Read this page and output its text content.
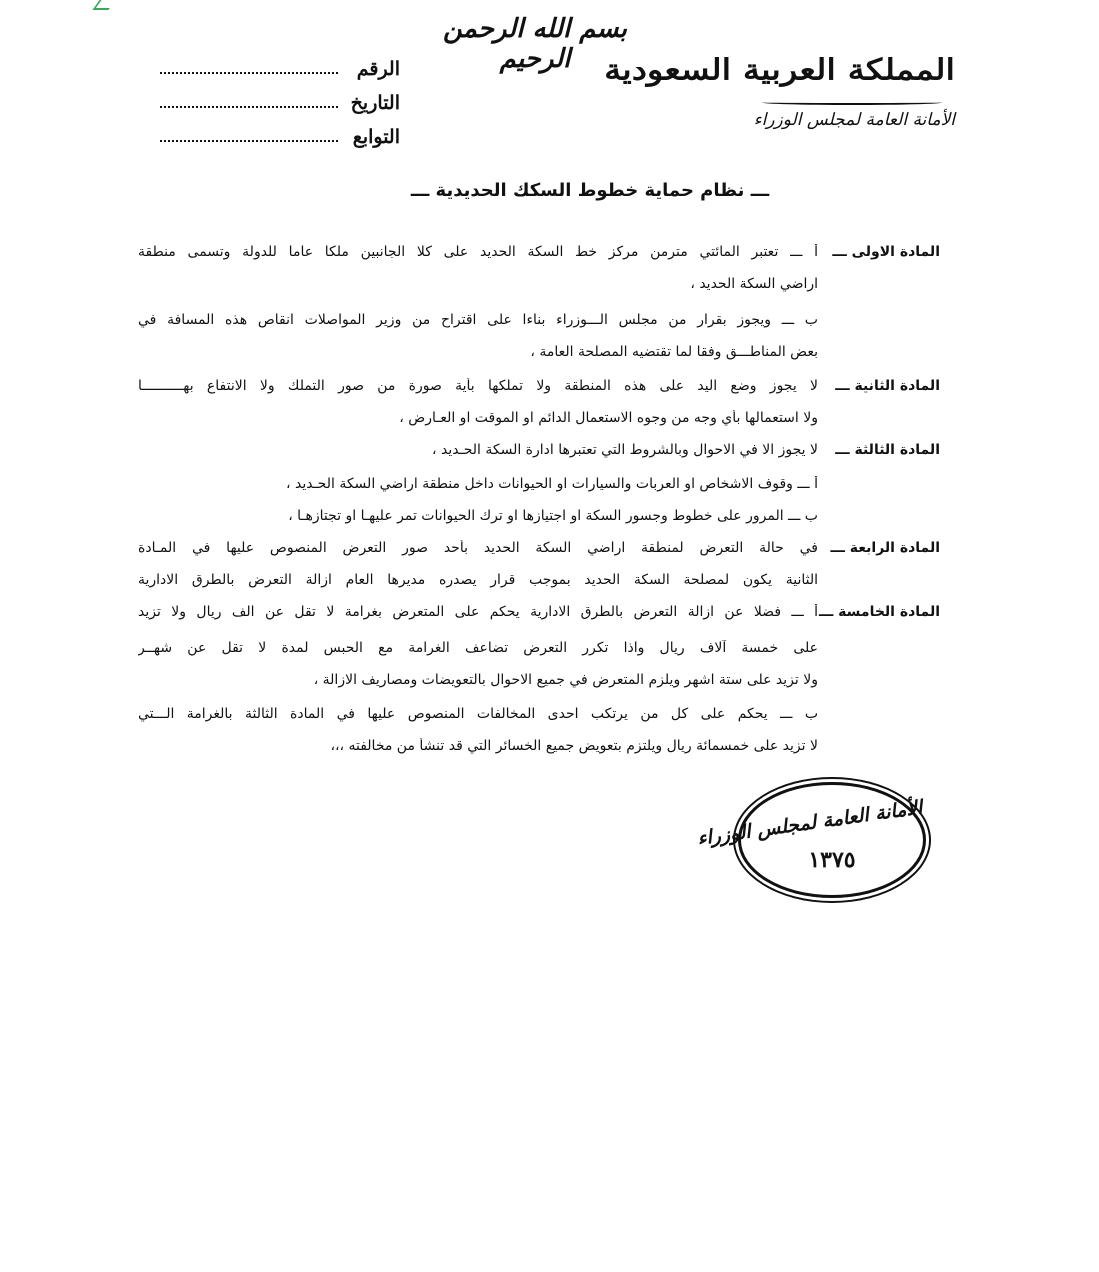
بسم الله الرحمن الرحيم المملكة العربية السعودية
الأمانة العامة لمجلس الوزراء
الرقم
التاريخ
التوابع
ـــ نظام حماية خطوط السكك الحديدية ـــ
المادة الاولى ـــ
أ ـــ تعتبر المائتي مترمن مركز خط السكة الحديد على كلا الجانبين ملكا عاما للدولة وتسمى منطقة
اراضي السكة الحديد ،
ب ـــ ويجوز بقرار من مجلس الـــوزراء بناءا على اقتراح من وزير المواصلات انقاص هذه المسافة في
بعض المناطـــق وفقا لما تقتضيه المصلحة العامة ،
المادة الثانية ـــ
لا يجوز وضع اليد على هذه المنطقة ولا تملكها بأية صورة من صور التملك ولا الانتفاع بهــــــــــا
ولا استعمالها بأي وجه من وجوه الاستعمال الدائم او الموقت او العـارض ،
المادة الثالثة ـــ
لا يجوز الا في الاحوال وبالشروط التي تعتبرها ادارة السكة الحـديد ،
أ ـــ وقوف الاشخاص او العربات والسيارات او الحيوانات داخل منطقة اراضي السكة الحـديد ،
ب ـــ المرور على خطوط وجسور السكة او اجتيازها او ترك الحيوانات تمر عليهـا او تجتازهـا ،
المادة الرابعة ـــ
في حالة التعرض لمنطقة اراضي السكة الحديد بأحد صور التعرض المنصوص عليها في المـادة
الثانية يكون لمصلحة السكة الحديد بموجب قرار يصدره مديرها العام ازالة التعرض بالطرق الادارية
المادة الخامسة ـــ
أ ـــ فضلا عن ازالة التعرض بالطرق الادارية يحكم على المتعرض بغرامة لا تقل عن الف ريال ولا تزيد
على خمسة آلاف ريال واذا تكرر التعرض تضاعف الغرامة مع الحبس لمدة لا تقل عن شهــر
ولا تزيد على ستة اشهر ويلزم المتعرض في جميع الاحوال بالتعويضات ومصاريف الازالة ،
ب ـــ يحكم على كل من يرتكب احدى المخالفات المنصوص عليها في المادة الثالثة بالغرامة الـــتي
لا تزيد على خمسمائة ريال ويلتزم بتعويض جميع الخسائر التي قد تنشأ من مخالفته ،،،
الأمانة العامة لمجلس الوزراء
١٣٧٥
